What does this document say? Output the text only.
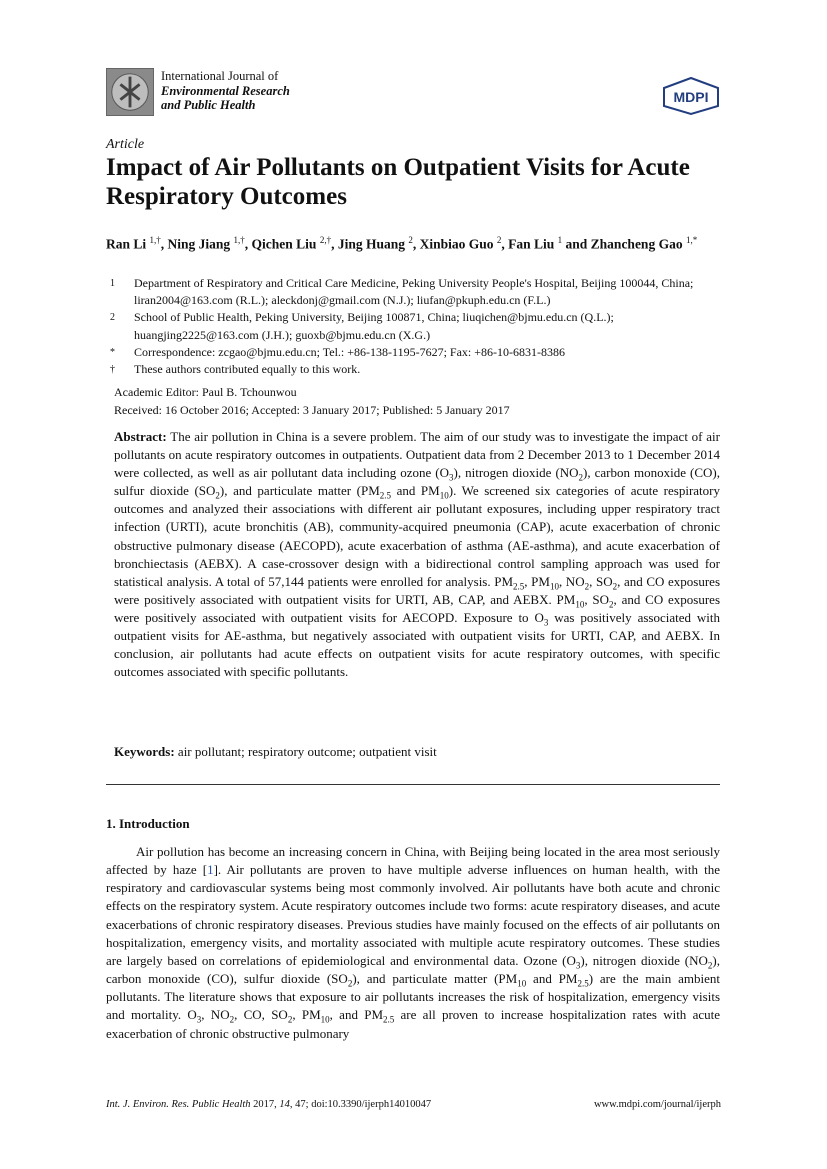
International Journal of
Environmental Research
and Public Health	MDPI
Article
Impact of Air Pollutants on Outpatient Visits for Acute Respiratory Outcomes
Ran Li $^{1,\dagger}$, Ning Jiang $^{1,\dagger}$, Qichen Liu $^{2,\dagger}$, Jing Huang $^2$, Xinbiao Guo $^2$, Fan Liu $^1$ and Zhancheng Gao $^{1,*}$
1	Department of Respiratory and Critical Care Medicine, Peking University People's Hospital, Beijing 100044, China; liran2004@163.com (R.L.); aleckdonj@gmail.com (N.J.); liufan@pkuph.edu.cn (F.L.)
2	School of Public Health, Peking University, Beijing 100871, China; liuqichen@bjmu.edu.cn (Q.L.); huangjing2225@163.com (J.H.); guoxb@bjmu.edu.cn (X.G.)
*	Correspondence: zcgao@bjmu.edu.cn; Tel.: +86-138-1195-7627; Fax: +86-10-6831-8386
†	These authors contributed equally to this work.
Academic Editor: Paul B. Tchounwou
Received: 16 October 2016; Accepted: 3 January 2017; Published: 5 January 2017

Abstract: The air pollution in China is a severe problem. The aim of our study was to investigate the impact of air pollutants on acute respiratory outcomes in outpatients. Outpatient data from 2 December 2013 to 1 December 2014 were collected, as well as air pollutant data including ozone $(O_3)$, nitrogen dioxide $(NO_2)$, carbon monoxide (CO), sulfur dioxide $(SO_2)$, and particulate matter ($PM_{2.5}$ and $PM_{10}$). We screened six categories of acute respiratory outcomes and analyzed their associations with different air pollutant exposures, including upper respiratory tract infection (URTI), acute bronchitis (AB), community-acquired pneumonia (CAP), acute exacerbation of chronic obstructive pulmonary disease (AECOPD), acute exacerbation of asthma (AE-asthma), and acute exacerbation of bronchiectasis (AEBX). A case-crossover design with a bidirectional control sampling approach was used for statistical analysis. A total of 57,144 patients were enrolled for analysis. $PM_{2.5}$, $PM_{10}$, $NO_2$, $SO_2$, and CO exposures were positively associated with outpatient visits for URTI, AB, CAP, and AEBX. $PM_{10}$, $SO_2$, and CO exposures were positively associated with outpatient visits for AECOPD. Exposure to $O_3$ was positively associated with outpatient visits for AE-asthma, but negatively associated with outpatient visits for URTI, CAP, and AEBX. In conclusion, air pollutants had acute effects on outpatient visits for acute respiratory outcomes, with specific outcomes associated with specific pollutants.

Keywords: air pollutant; respiratory outcome; outpatient visit
1. Introduction

Air pollution has become an increasing concern in China, with Beijing being located in the area most seriously affected by haze [1]. Air pollutants are proven to have multiple adverse influences on human health, with the respiratory and cardiovascular systems being most commonly involved. Air pollutants have both acute and chronic effects on the respiratory system. Acute respiratory outcomes include two forms: acute respiratory diseases, and acute exacerbations of chronic respiratory diseases. Previous studies have mainly focused on the effects of air pollutants on hospitalization, emergency visits, and mortality associated with multiple acute respiratory outcomes. These studies are largely based on correlations of epidemiological and environmental data. Ozone $(O_3)$, nitrogen dioxide $(NO_2)$, carbon monoxide (CO), sulfur dioxide $(SO_2)$, and particulate matter ($PM_{10}$ and $PM_{2.5}$) are the main ambient pollutants. The literature shows that exposure to air pollutants increases the risk of hospitalization, emergency visits and mortality. $O_3$, $NO_2$, CO, $SO_2$, $PM_{10}$, and $PM_{2.5}$ are all proven to increase hospitalization rates with acute exacerbation of chronic obstructive pulmonary

Int. J. Environ. Res. Public Health 2017, 14, 47; doi:10.3390/ijerph14010047	www.mdpi.com/journal/ijerph
